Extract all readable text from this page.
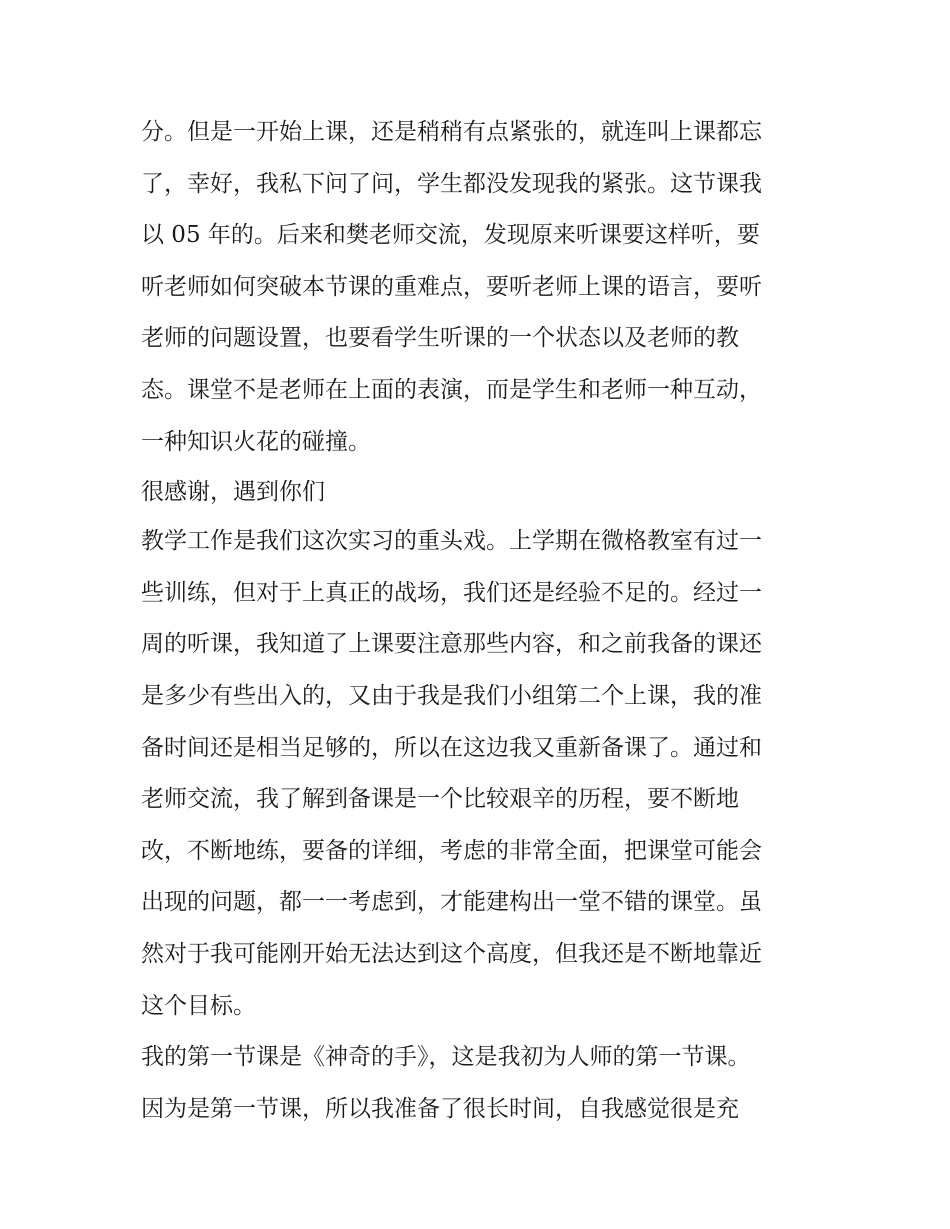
分。但是一开始上课，还是稍稍有点紧张的，就连叫上课都忘
了，幸好，我私下问了问，学生都没发现我的紧张。这节课我
以 05 年的。后来和樊老师交流，发现原来听课要这样听，要
听老师如何突破本节课的重难点，要听老师上课的语言，要听
老师的问题设置，也要看学生听课的一个状态以及老师的教
态。课堂不是老师在上面的表演，而是学生和老师一种互动，
一种知识火花的碰撞。
很感谢，遇到你们
教学工作是我们这次实习的重头戏。上学期在微格教室有过一
些训练，但对于上真正的战场，我们还是经验不足的。经过一
周的听课，我知道了上课要注意那些内容，和之前我备的课还
是多少有些出入的，又由于我是我们小组第二个上课，我的准
备时间还是相当足够的，所以在这边我又重新备课了。通过和
老师交流，我了解到备课是一个比较艰辛的历程，要不断地
改，不断地练，要备的详细，考虑的非常全面，把课堂可能会
出现的问题，都一一考虑到，才能建构出一堂不错的课堂。虽
然对于我可能刚开始无法达到这个高度，但我还是不断地靠近
这个目标。
我的第一节课是《神奇的手》，这是我初为人师的第一节课。
因为是第一节课，所以我准备了很长时间，自我感觉很是充
